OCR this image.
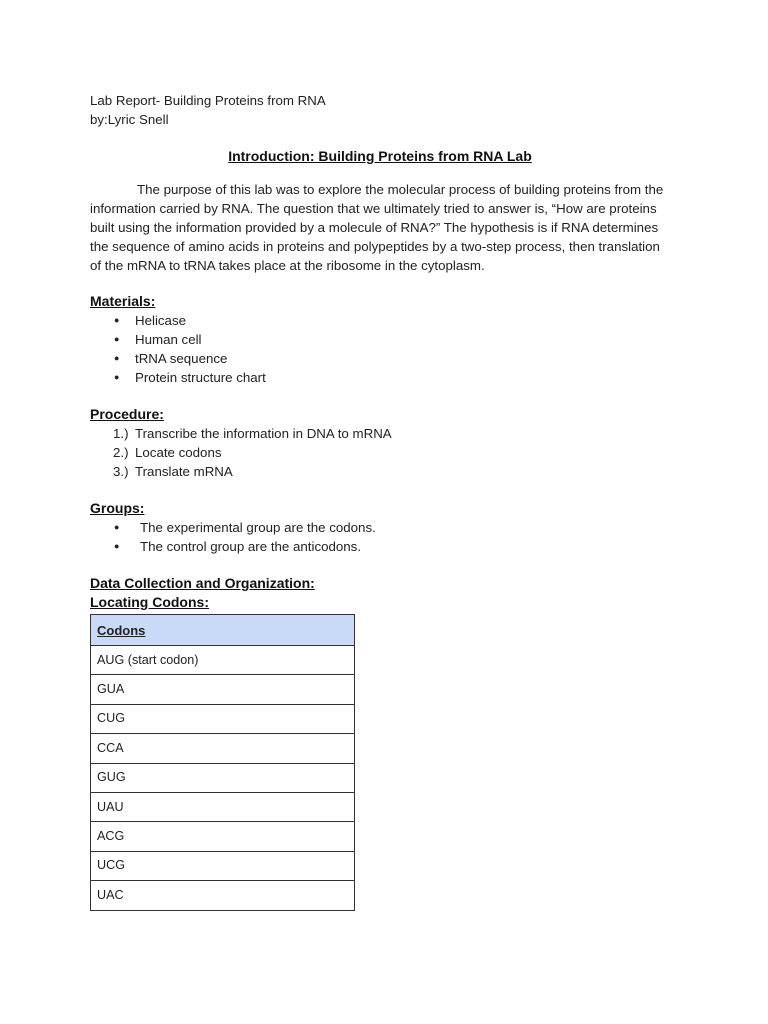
Lab Report- Building Proteins from RNA

by:Lyric Snell

Introduction: Building Proteins from RNA Lab

The purpose of this lab was to explore the molecular process of building proteins from the information carried by RNA. The question that we ultimately tried to answer is, “How are proteins built using the information provided by a molecule of RNA?” The hypothesis is if RNA determines the sequence of amino acids in proteins and polypeptides by a two-step process, then translation of the mRNA to tRNA takes place at the ribosome in the cytoplasm.

Materials:

● Helicase
● Human cell
● tRNA sequence
● Protein structure chart

Procedure:

1.) Transcribe the information in DNA to mRNA
2.) Locate codons
3.) Translate mRNA

Groups:

● The experimental group are the codons.
● The control group are the anticodons.

Data Collection and Organization:

Locating Codons:

Codons
AUG (start codon)
GUA
CUG
CCA
GUG
UAU
ACG
UCG
UAC
